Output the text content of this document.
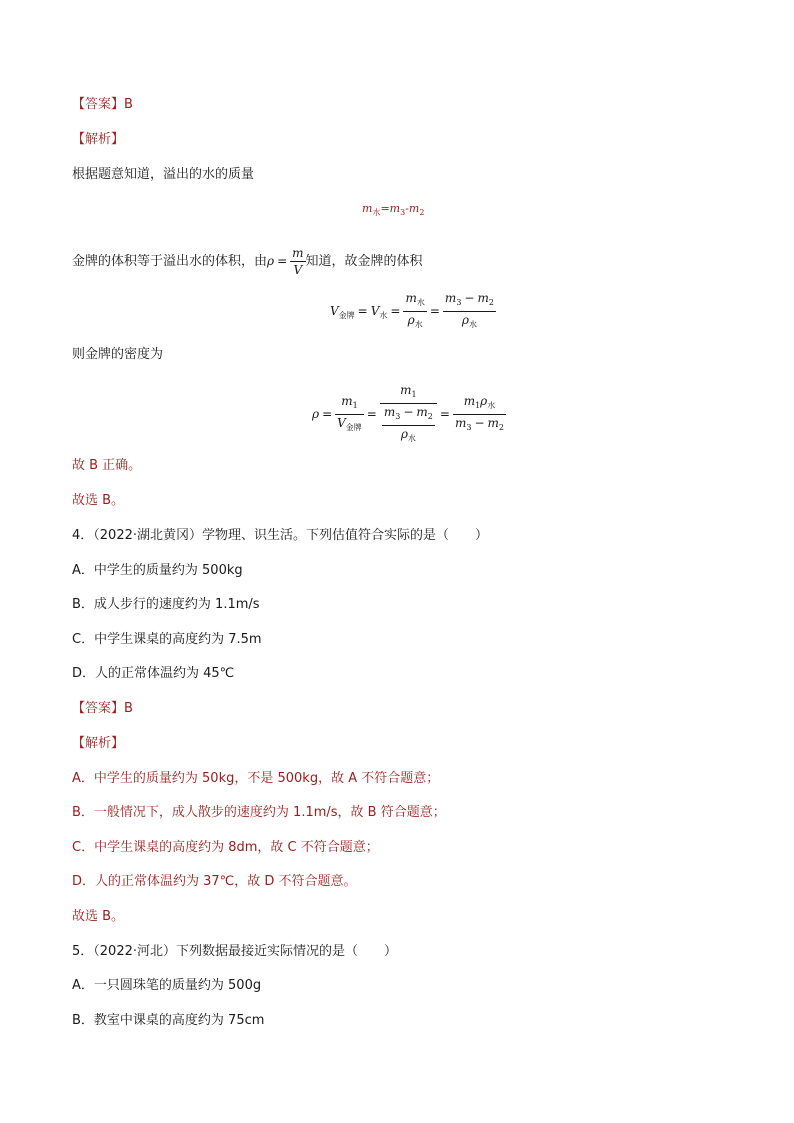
【答案】B
【解析】
根据题意知道，溢出的水的质量
$m_水=m_3-m_2$
金牌的体积等于溢出水的体积，由$\rho = \frac{m}{V}$ 知道，故金牌的体积
$V_{金牌} = V_水 = \frac{m_水}{\rho_水} = \frac{m_3 - m_2}{\rho_水}$
则金牌的密度为
$\rho = \frac{m_1}{V_{金牌}} = \frac{m_1}{\frac{m_3 - m_2}{\rho_水}} = \frac{m_1\rho_水}{m_3 - m_2}$
故 B 正确。
故选 B。
4．（2022·湖北黄冈）学物理、识生活。下列估值符合实际的是（　　）
A．中学生的质量约为 500kg
B．成人步行的速度约为 1.1m/s
C．中学生课桌的高度约为 7.5m
D．人的正常体温约为 45℃
【答案】B
【解析】
A．中学生的质量约为 50kg，不是 500kg，故 A 不符合题意；
B．一般情况下，成人散步的速度约为 1.1m/s，故 B 符合题意；
C．中学生课桌的高度约为 8dm，故 C 不符合题意；
D．人的正常体温约为 37℃，故 D 不符合题意。
故选 B。
5．（2022·河北）下列数据最接近实际情况的是（　　）
A．一只圆珠笔的质量约为 500g
B．教室中课桌的高度约为 75cm
